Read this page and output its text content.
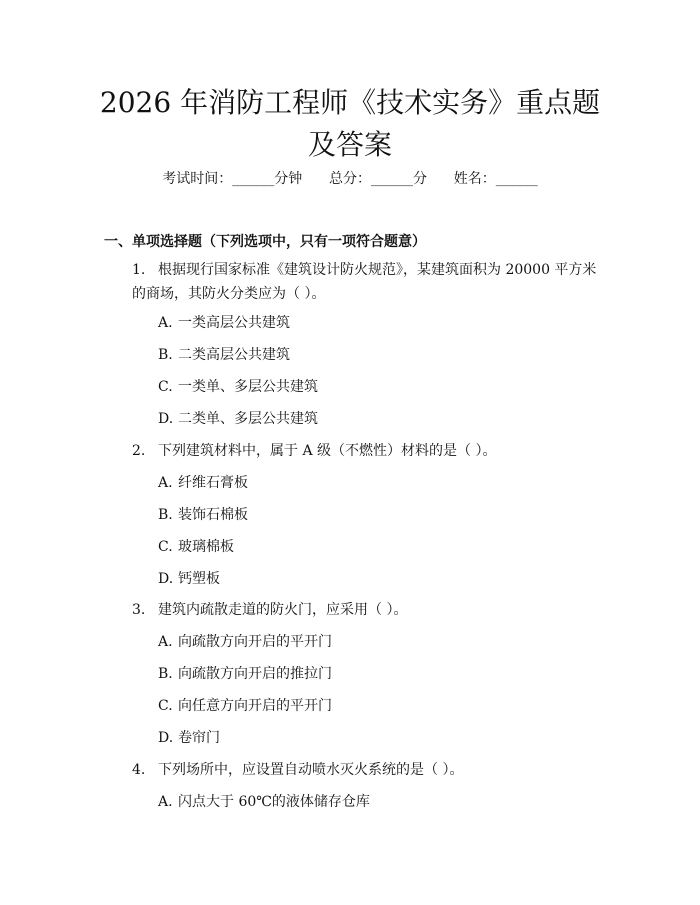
2026 年消防工程师《技术实务》重点题及答案
考试时间：______分钟 总分：______分 姓名：______
一、单项选择题（下列选项中，只有一项符合题意）
1. 根据现行国家标准《建筑设计防火规范》，某建筑面积为 20000 平方米的商场，其防火分类应为（ ）。
A. 一类高层公共建筑
B. 二类高层公共建筑
C. 一类单、多层公共建筑
D. 二类单、多层公共建筑
2. 下列建筑材料中，属于 A 级（不燃性）材料的是（ ）。
A. 纤维石膏板
B. 装饰石棉板
C. 玻璃棉板
D. 钙塑板
3. 建筑内疏散走道的防火门，应采用（ ）。
A. 向疏散方向开启的平开门
B. 向疏散方向开启的推拉门
C. 向任意方向开启的平开门
D. 卷帘门
4. 下列场所中，应设置自动喷水灭火系统的是（ ）。
A. 闪点大于 60℃的液体储存仓库
